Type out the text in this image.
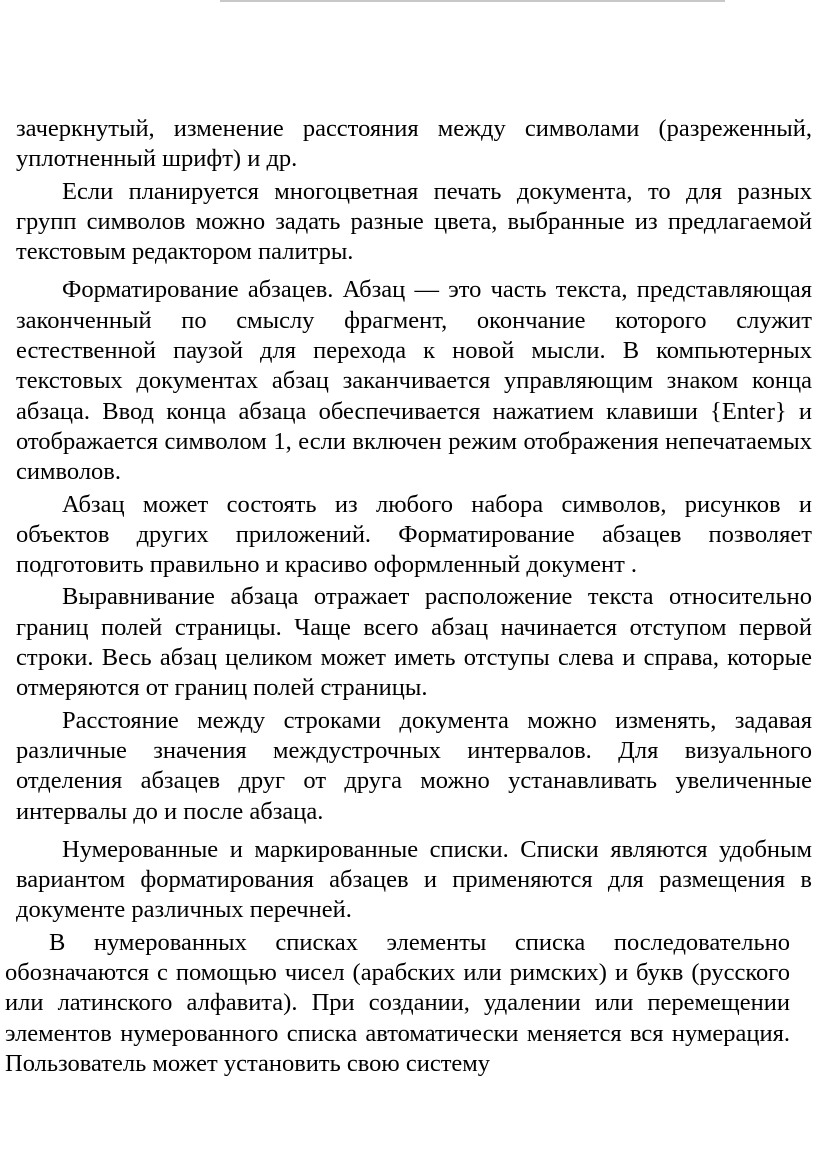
зачеркнутый, изменение расстояния между символами (разреженный, уплотненный шрифт) и др.

Если планируется многоцветная печать документа, то для разных групп символов можно задать разные цвета, выбранные из предлагаемой текстовым редактором палитры.

Форматирование абзацев. Абзац — это часть текста, представляющая законченный по смыслу фрагмент, окончание которого служит естественной паузой для перехода к новой мысли. В компьютерных текстовых документах абзац заканчивается управляющим знаком конца абзаца. Ввод конца абзаца обеспечивается нажатием клавиши {Enter} и отображается символом 1, если включен режим отображения непечатаемых символов.

Абзац может состоять из любого набора символов, рисунков и объектов других приложений. Форматирование абзацев позволяет подготовить правильно и красиво оформленный документ .

Выравнивание абзаца отражает расположение текста относительно границ полей страницы. Чаще всего абзац начинается отступом первой строки. Весь абзац целиком может иметь отступы слева и справа, которые отмеряются от границ полей страницы.

Расстояние между строками документа можно изменять, задавая различные значения междустрочных интервалов. Для визуального отделения абзацев друг от друга можно устанавливать увеличенные интервалы до и после абзаца.

Нумерованные и маркированные списки. Списки являются удобным вариантом форматирования абзацев и применяются для размещения в документе различных перечней.

В нумерованных списках элементы списка последовательно обозначаются с помощью чисел (арабских или римских) и букв (русского или латинского алфавита). При создании, удалении или перемещении элементов нумерованного списка автоматически меняется вся нумерация. Пользователь может установить свою систему
